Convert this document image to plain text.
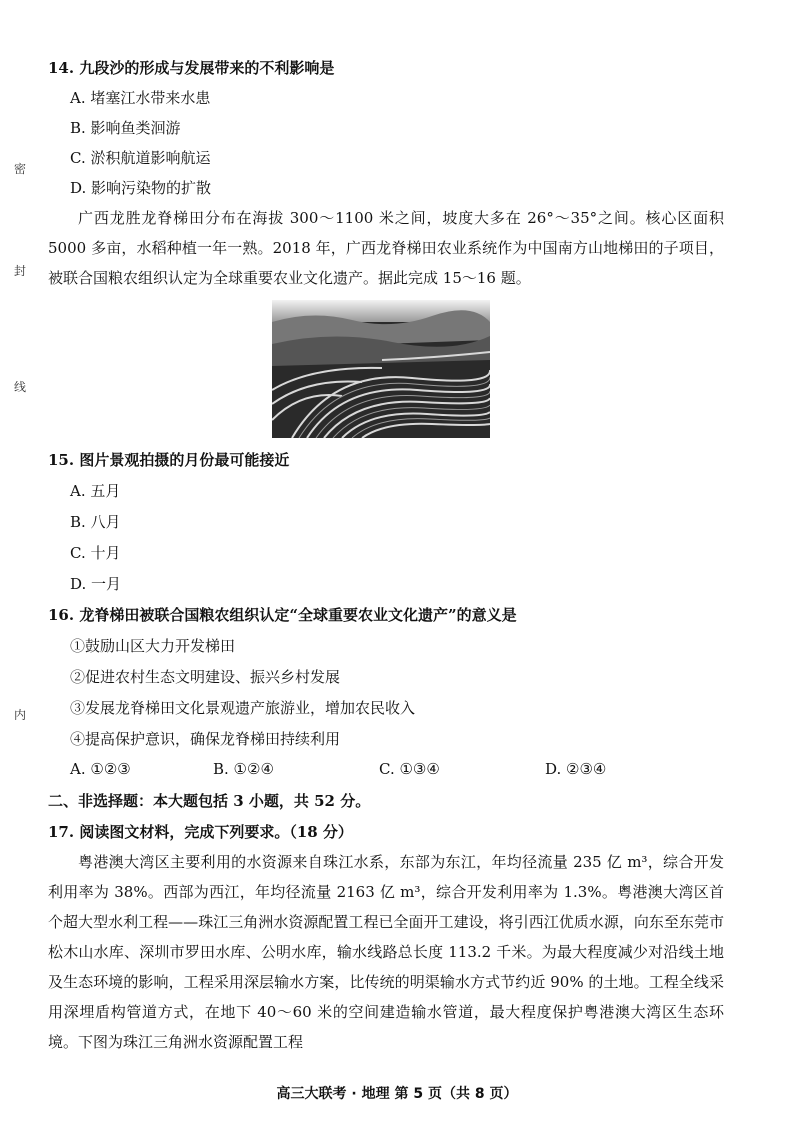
密
封
线
内
14. 九段沙的形成与发展带来的不利影响是
A. 堵塞江水带来水患
B. 影响鱼类洄游
C. 淤积航道影响航运
D. 影响污染物的扩散
广西龙胜龙脊梯田分布在海拔 300～1100 米之间，坡度大多在 26°～35°之间。核心区面积 5000 多亩，水稻种植一年一熟。2018 年，广西龙脊梯田农业系统作为中国南方山地梯田的子项目，被联合国粮农组织认定为全球重要农业文化遗产。据此完成 15～16 题。
15. 图片景观拍摄的月份最可能接近
A. 五月
B. 八月
C. 十月
D. 一月
16. 龙脊梯田被联合国粮农组织认定“全球重要农业文化遗产”的意义是
①鼓励山区大力开发梯田
②促进农村生态文明建设、振兴乡村发展
③发展龙脊梯田文化景观遗产旅游业，增加农民收入
④提高保护意识，确保龙脊梯田持续利用
A. ①②③	B. ①②④	C. ①③④	D. ②③④
二、非选择题：本大题包括 3 小题，共 52 分。
17. 阅读图文材料，完成下列要求。（18 分）
粤港澳大湾区主要利用的水资源来自珠江水系，东部为东江，年均径流量 235 亿 m³，综合开发利用率为 38%。西部为西江，年均径流量 2163 亿 m³，综合开发利用率为 1.3%。粤港澳大湾区首个超大型水利工程——珠江三角洲水资源配置工程已全面开工建设，将引西江优质水源，向东至东莞市松木山水库、深圳市罗田水库、公明水库，输水线路总长度 113.2 千米。为最大程度减少对沿线土地及生态环境的影响，工程采用深层输水方案，比传统的明渠输水方式节约近 90% 的土地。工程全线采用深埋盾构管道方式，在地下 40～60 米的空间建造输水管道，最大程度保护粤港澳大湾区生态环境。下图为珠江三角洲水资源配置工程
高三大联考 · 地理 第 5 页（共 8 页）
